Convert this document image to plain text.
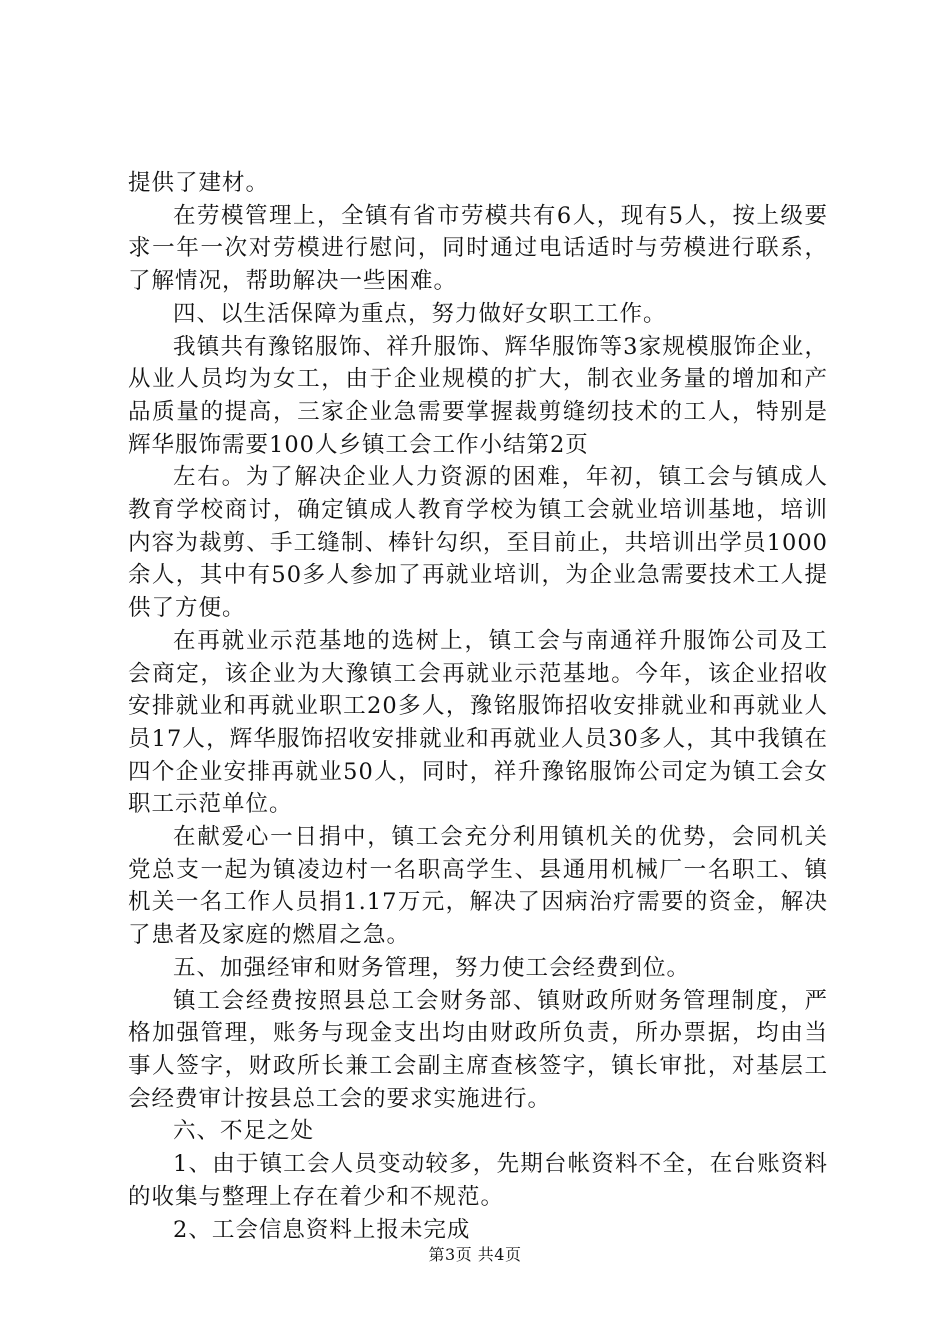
提供了建材。

在劳模管理上，全镇有省市劳模共有6人，现有5人，按上级要求一年一次对劳模进行慰问，同时通过电话适时与劳模进行联系，了解情况，帮助解决一些困难。

四、以生活保障为重点，努力做好女职工工作。

我镇共有豫铭服饰、祥升服饰、辉华服饰等3家规模服饰企业，从业人员均为女工，由于企业规模的扩大，制衣业务量的增加和产品质量的提高，三家企业急需要掌握裁剪缝纫技术的工人，特别是辉华服饰需要100人乡镇工会工作小结第2页

左右。为了解决企业人力资源的困难，年初，镇工会与镇成人教育学校商讨，确定镇成人教育学校为镇工会就业培训基地，培训内容为裁剪、手工缝制、棒针勾织，至目前止，共培训出学员1000余人，其中有50多人参加了再就业培训，为企业急需要技术工人提供了方便。

在再就业示范基地的选树上，镇工会与南通祥升服饰公司及工会商定，该企业为大豫镇工会再就业示范基地。今年，该企业招收安排就业和再就业职工20多人，豫铭服饰招收安排就业和再就业人员17人，辉华服饰招收安排就业和再就业人员30多人，其中我镇在四个企业安排再就业50人，同时，祥升豫铭服饰公司定为镇工会女职工示范单位。

在献爱心一日捐中，镇工会充分利用镇机关的优势，会同机关党总支一起为镇凌边村一名职高学生、县通用机械厂一名职工、镇机关一名工作人员捐1.17万元，解决了因病治疗需要的资金，解决了患者及家庭的燃眉之急。

五、加强经审和财务管理，努力使工会经费到位。

镇工会经费按照县总工会财务部、镇财政所财务管理制度，严格加强管理，账务与现金支出均由财政所负责，所办票据，均由当事人签字，财政所长兼工会副主席查核签字，镇长审批，对基层工会经费审计按县总工会的要求实施进行。

六、不足之处

1、由于镇工会人员变动较多，先期台帐资料不全，在台账资料的收集与整理上存在着少和不规范。

2、工会信息资料上报未完成

第3页 共4页
